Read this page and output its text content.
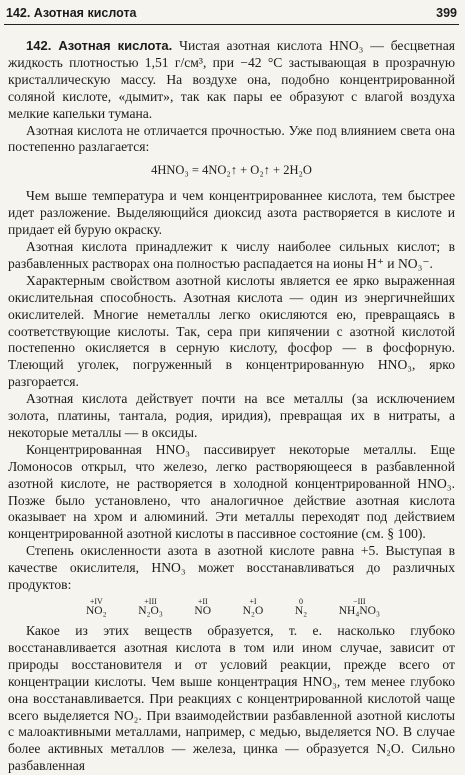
142. Азотная кислота	399

142. Азотная кислота. Чистая азотная кислота HNO₃ — бесцветная жидкость плотностью 1,51 г/см³, при −42 °С застывающая в прозрачную кристаллическую массу. На воздухе она, подобно концентрированной соляной кислоте, «дымит», так как пары ее образуют с влагой воздуха мелкие капельки тумана.

Азотная кислота не отличается прочностью. Уже под влиянием света она постепенно разлагается:

4HNO₃ = 4NO₂↑ + O₂↑ + 2H₂O

Чем выше температура и чем концентрированнее кислота, тем быстрее идет разложение. Выделяющийся диоксид азота растворяется в кислоте и придает ей бурую окраску.

Азотная кислота принадлежит к числу наиболее сильных кислот; в разбавленных растворах она полностью распадается на ионы H⁺ и NO₃⁻.

Характерным свойством азотной кислоты является ее ярко выраженная окислительная способность. Азотная кислота — один из энергичнейших окислителей. Многие неметаллы легко окисляются ею, превращаясь в соответствующие кислоты. Так, сера при кипячении с азотной кислотой постепенно окисляется в серную кислоту, фосфор — в фосфорную. Тлеющий уголек, погруженный в концентрированную HNO₃, ярко разгорается.

Азотная кислота действует почти на все металлы (за исключением золота, платины, тантала, родия, иридия), превращая их в нитраты, а некоторые металлы — в оксиды.

Концентрированная HNO₃ пассивирует некоторые металлы. Еще Ломоносов открыл, что железо, легко растворяющееся в разбавленной азотной кислоте, не растворяется в холодной концентрированной HNO₃. Позже было установлено, что аналогичное действие азотная кислота оказывает на хром и алюминий. Эти металлы переходят под действием концентрированной азотной кислоты в пассивное состояние (см. § 100).

Степень окисленности азота в азотной кислоте равна +5. Выступая в качестве окислителя, HNO₃ может восстанавливаться до различных продуктов:

+IV
NO₂
+III
N₂O₃
+II
NO
+I
N₂O
0
N₂
−III
NH₄NO₃

Какое из этих веществ образуется, т. е. насколько глубоко восстанавливается азотная кислота в том или ином случае, зависит от природы восстановителя и от условий реакции, прежде всего от концентрации кислоты. Чем выше концентрация HNO₃, тем менее глубоко она восстанавливается. При реакциях с концентрированной кислотой чаще всего выделяется NO₂. При взаимодействии разбавленной азотной кислоты с малоактивными металлами, например, с медью, выделяется NO. В случае более активных металлов — железа, цинка — образуется N₂O. Сильно разбавленная
